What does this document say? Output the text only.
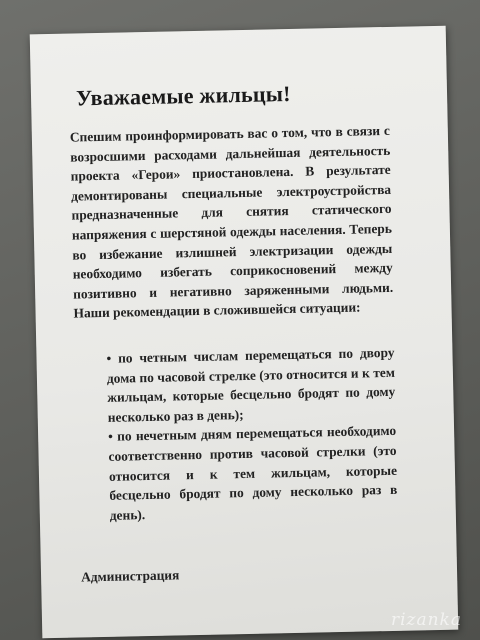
Уважаемые жильцы!
Спешим проинформировать вас о том, что в связи с возросшими расходами дальнейшая деятельность проекта «Герои» приостановлена. В результате демонтированы специальные электроустройства предназначенные для снятия статического напряжения с шерстяной одежды населения. Теперь во избежание излишней электризации одежды необходимо избегать соприкосновений между позитивно и негативно заряженными людьми. Наши рекомендации в сложившейся ситуации:

• по четным числам перемещаться по двору дома по часовой стрелке (это относится и к тем жильцам, которые бесцельно бродят по дому несколько раз в день);

• по нечетным дням перемещаться необходимо соответственно против часовой стрелки (это относится и к тем жильцам, которые бесцельно бродят по дому несколько раз в день).

Администрация
rizanka
